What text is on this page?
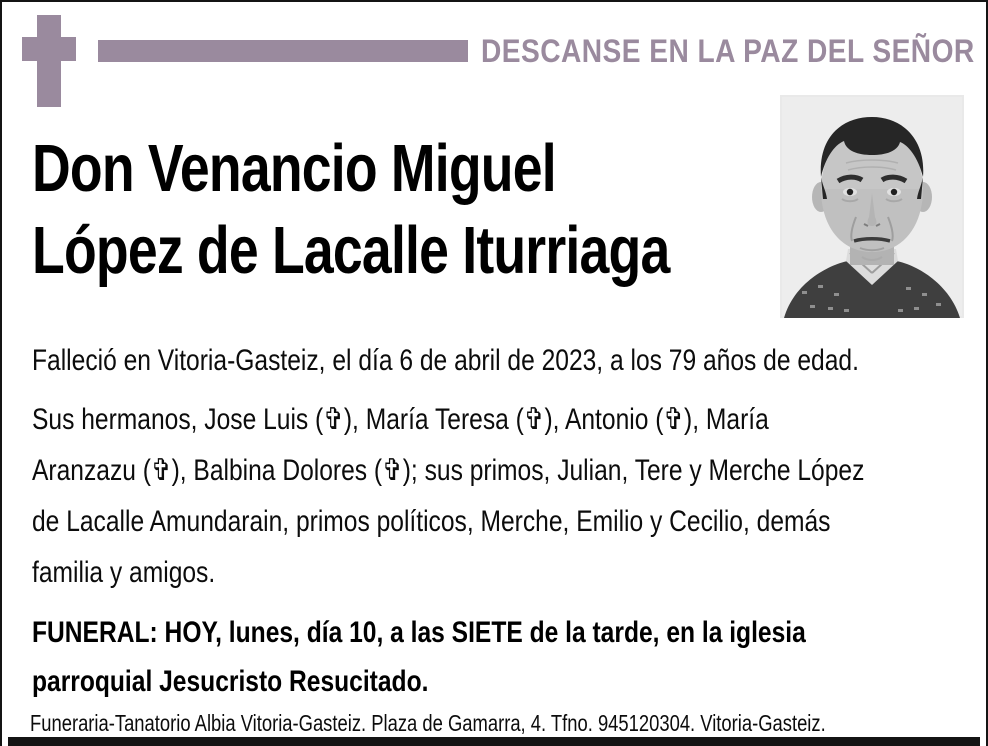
DESCANSE EN LA PAZ DEL SEÑOR
Don Venancio Miguel
López de Lacalle Iturriaga
Falleció en Vitoria-Gasteiz, el día 6 de abril de 2023, a los 79 años de edad.
Sus hermanos, Jose Luis (✞), María Teresa (✞), Antonio (✞), María
Aranzazu (✞), Balbina Dolores (✞); sus primos, Julian, Tere y Merche López
de Lacalle Amundarain, primos políticos, Merche, Emilio y Cecilio, demás
familia y amigos.
FUNERAL: HOY, lunes, día 10, a las SIETE de la tarde, en la iglesia
parroquial Jesucristo Resucitado.
Funeraria-Tanatorio Albia Vitoria-Gasteiz. Plaza de Gamarra, 4. Tfno. 945120304. Vitoria-Gasteiz.
